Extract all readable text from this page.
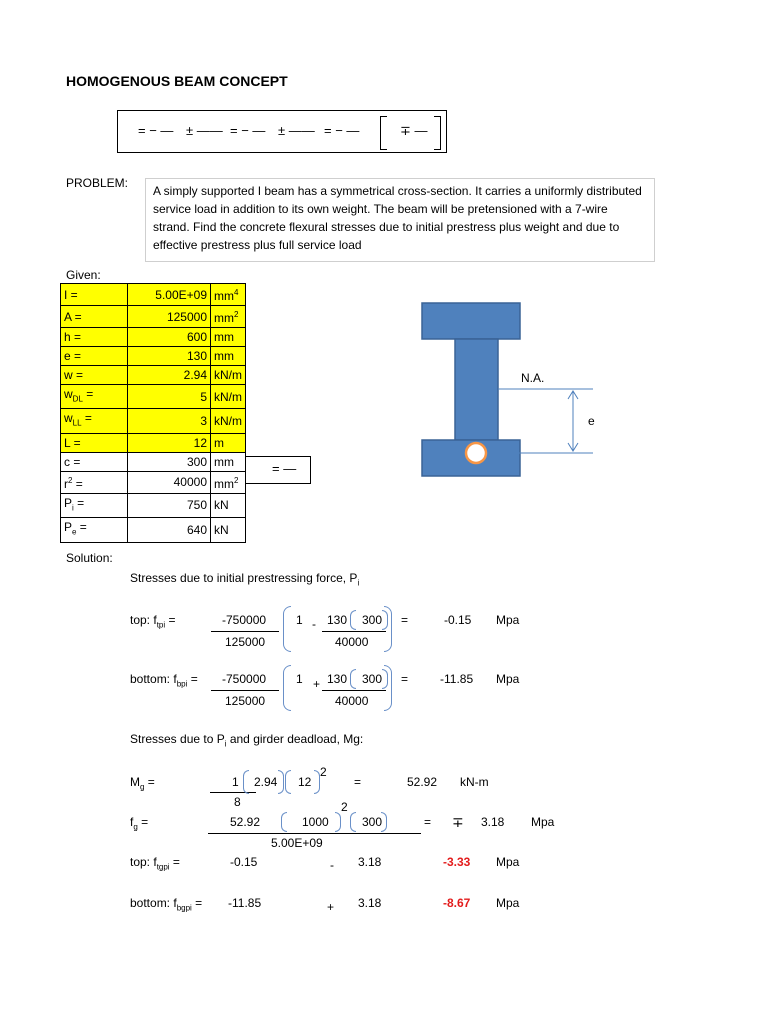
HOMOGENOUS BEAM CONCEPT
= − — ± —— = − — ± —— = − —	∓ —
PROBLEM:
A simply supported I beam has a symmetrical cross-section. It carries a uniformly distributed service load in addition to its own weight. The beam will be pretensioned with a 7-wire strand. Find the concrete flexural stresses due to initial prestress plus weight and due to effective prestress plus full service load
Given:
I =	5.00E+09	$mm^4$
A =	125000	$mm^2$
h =	600	mm
e =	130	mm
w =	2.94	kN/m
$w_{DL}$ =	5	kN/m
$w_{LL}$ =	3	kN/m
L =	12	m
c =	300	mm
$r^2$ =	40000	$mm^2$
$P_i$ =	750	kN
$P_e$ =	640	kN
= —
N.A.
e
Solution:
Stresses due to initial prestressing force, $P_i$
top: $f_{tpi}$ =	-750000
125000
1 - 130 300
40000
=	-0.15 Mpa
bottom: $f_{bpi} = -750000$
125000
1 + 130 300
40000
=	-11.85 Mpa
Stresses due to $P_i$ and girder deadload, Mg:
$M_g$ =	1
8
2.94 12
2
=	52.92 kN-m
$f_g$ =	52.92	1000
2
300
5.00E+09
= ∓ 3.18 Mpa
top: $f_{tgpi}$ =	-0.15	- 3.18	-3.33 Mpa
bottom: $f_{bgpi} = -11.85$	+ 3.18	-8.67 Mpa
